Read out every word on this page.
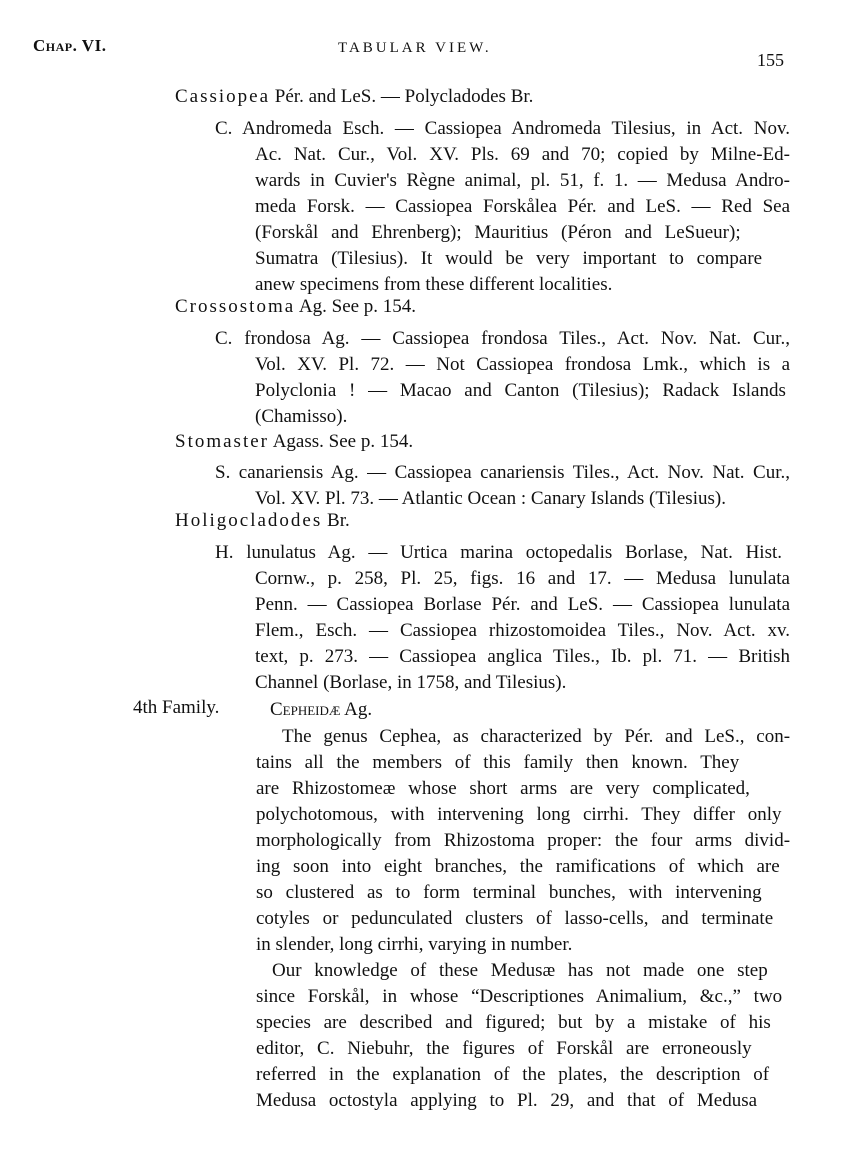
Chap. VI.	TABULAR VIEW.
155
Cassiopea Pér. and LeS. — Polycladodes Br.
C. Andromeda Esch. — Cassiopea Andromeda Tilesius, in Act. Nov.
Ac. Nat. Cur., Vol. XV. Pls. 69 and 70; copied by Milne-Ed-
wards in Cuvier's Règne animal, pl. 51, f. 1. — Medusa Andro-
meda Forsk. — Cassiopea Forskålea Pér. and LeS. — Red Sea
(Forskål and Ehrenberg); Mauritius (Péron and LeSueur);
Sumatra (Tilesius). It would be very important to compare
anew specimens from these different localities.
Crossostoma Ag. See p. 154.
C. frondosa Ag. — Cassiopea frondosa Tiles., Act. Nov. Nat. Cur.,
Vol. XV. Pl. 72. — Not Cassiopea frondosa Lmk., which is a
Polyclonia ! — Macao and Canton (Tilesius); Radack Islands
(Chamisso).
Stomaster Agass. See p. 154.
S. canariensis Ag. — Cassiopea canariensis Tiles., Act. Nov. Nat. Cur.,
Vol. XV. Pl. 73. — Atlantic Ocean : Canary Islands (Tilesius).
Holigocladodes Br.
H. lunulatus Ag. — Urtica marina octopedalis Borlase, Nat. Hist.
Cornw., p. 258, Pl. 25, figs. 16 and 17. — Medusa lunulata
Penn. — Cassiopea Borlase Pér. and LeS. — Cassiopea lunulata
Flem., Esch. — Cassiopea rhizostomoidea Tiles., Nov. Act. xv.
text, p. 273. — Cassiopea anglica Tiles., Ib. pl. 71. — British
Channel (Borlase, in 1758, and Tilesius).
4th Family.	Cepheidæ Ag.
The genus Cephea, as characterized by Pér. and LeS., con-
tains all the members of this family then known. They
are Rhizostomeæ whose short arms are very complicated,
polychotomous, with intervening long cirrhi. They differ only
morphologically from Rhizostoma proper: the four arms divid-
ing soon into eight branches, the ramifications of which are
so clustered as to form terminal bunches, with intervening
cotyles or pedunculated clusters of lasso-cells, and terminate
in slender, long cirrhi, varying in number.
Our knowledge of these Medusæ has not made one step
since Forskål, in whose “Descriptiones Animalium, &c.,” two
species are described and figured; but by a mistake of his
editor, C. Niebuhr, the figures of Forskål are erroneously
referred in the explanation of the plates, the description of
Medusa octostyla applying to Pl. 29, and that of Medusa
